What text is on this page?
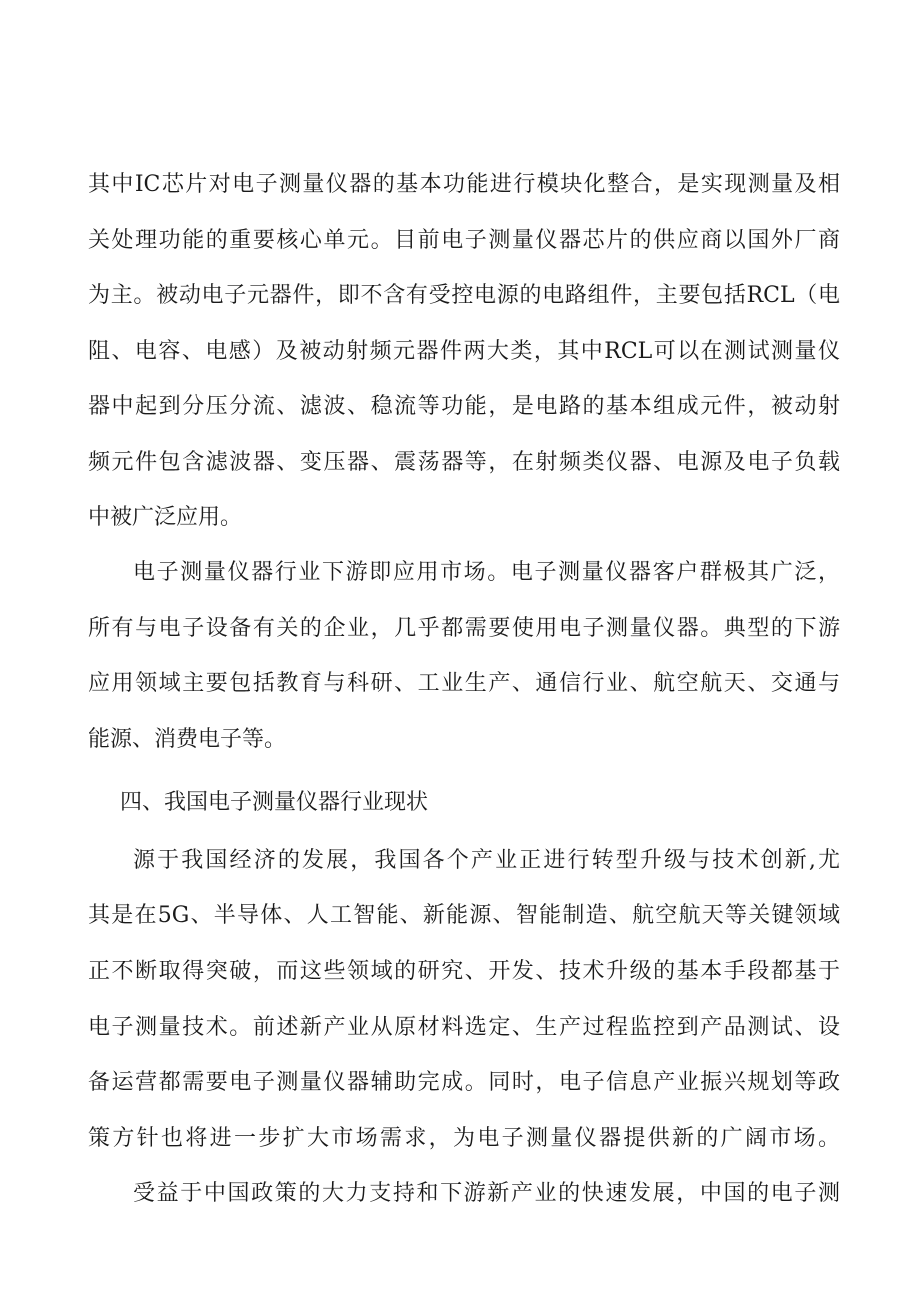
其中IC芯片对电子测量仪器的基本功能进行模块化整合，是实现测量及相
关处理功能的重要核心单元。目前电子测量仪器芯片的供应商以国外厂商
为主。被动电子元器件，即不含有受控电源的电路组件，主要包括RCL（电
阻、电容、电感）及被动射频元器件两大类，其中RCL可以在测试测量仪
器中起到分压分流、滤波、稳流等功能，是电路的基本组成元件，被动射
频元件包含滤波器、变压器、震荡器等，在射频类仪器、电源及电子负载
中被广泛应用。
电子测量仪器行业下游即应用市场。电子测量仪器客户群极其广泛，
所有与电子设备有关的企业，几乎都需要使用电子测量仪器。典型的下游
应用领域主要包括教育与科研、工业生产、通信行业、航空航天、交通与
能源、消费电子等。
四、我国电子测量仪器行业现状
源于我国经济的发展，我国各个产业正进行转型升级与技术创新,尤
其是在5G、半导体、人工智能、新能源、智能制造、航空航天等关键领域
正不断取得突破，而这些领域的研究、开发、技术升级的基本手段都基于
电子测量技术。前述新产业从原材料选定、生产过程监控到产品测试、设
备运营都需要电子测量仪器辅助完成。同时，电子信息产业振兴规划等政
策方针也将进一步扩大市场需求，为电子测量仪器提供新的广阔市场。
受益于中国政策的大力支持和下游新产业的快速发展，中国的电子测
